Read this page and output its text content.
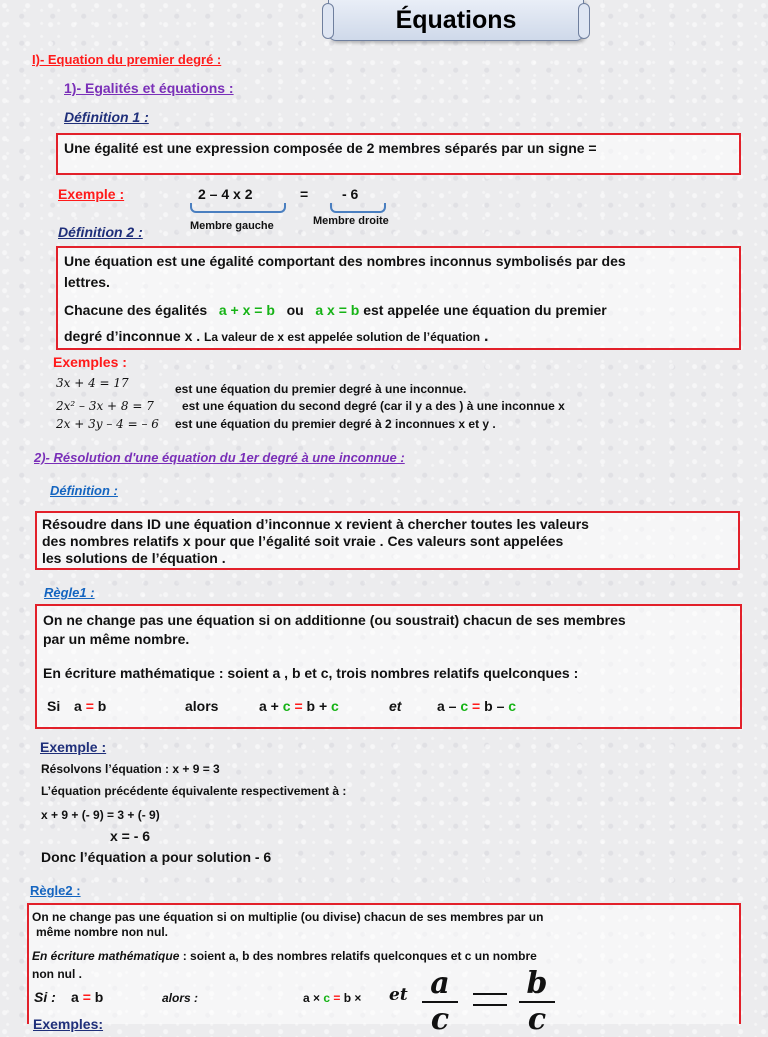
Équations
I)- Equation du premier degré :
1)- Egalités et équations :
Définition 1 :
Une égalité est une expression composée de 2 membres séparés par un signe =
Exemple :	2 – 4 x 2	= - 6
Membre gauche	Membre droite
Définition 2 :
Une équation est une égalité comportant des nombres inconnus symbolisés par des
lettres.
Chacune des égalités a + x = b ou a x = b est appelée une équation du premier
degré d’inconnue x . La valeur de x est appelée solution de l’équation .
Exemples :
3x + 4 = 17	est une équation du premier degré à une inconnue.
2x² – 3x + 8 = 7 est une équation du second degré (car il y a des ) à une inconnue x
2x + 3y – 4 = – 6 est une équation du premier degré à 2 inconnues x et y .
2)- Résolution d'une équation du 1er degré à une inconnue :
Définition :
Résoudre dans ID une équation d’inconnue x revient à chercher toutes les valeurs
des nombres relatifs x pour que l’égalité soit vraie . Ces valeurs sont appelées
les solutions de l’équation .
Règle1 :
On ne change pas une équation si on additionne (ou soustrait) chacun de ses membres
par un même nombre.
En écriture mathématique : soient a , b et c, trois nombres relatifs quelconques :
Si a = b	alors	a + c = b + c	et	a – c = b – c
Exemple :
Résolvons l’équation : x + 9 = 3
L’équation précédente équivalente respectivement à :
x + 9 + (- 9) = 3 + (- 9)
x = - 6
Donc l’équation a pour solution - 6
Règle2 :
On ne change pas une équation si on multiplie (ou divise) chacun de ses membres par un
même nombre non nul.
En écriture mathématique : soient a, b des nombres relatifs quelconques et c un nombre
non nul .
Si : a = b	alors :	a × c = b × et $\frac{a}{c} \frac{b}{c}$
Exemples:
